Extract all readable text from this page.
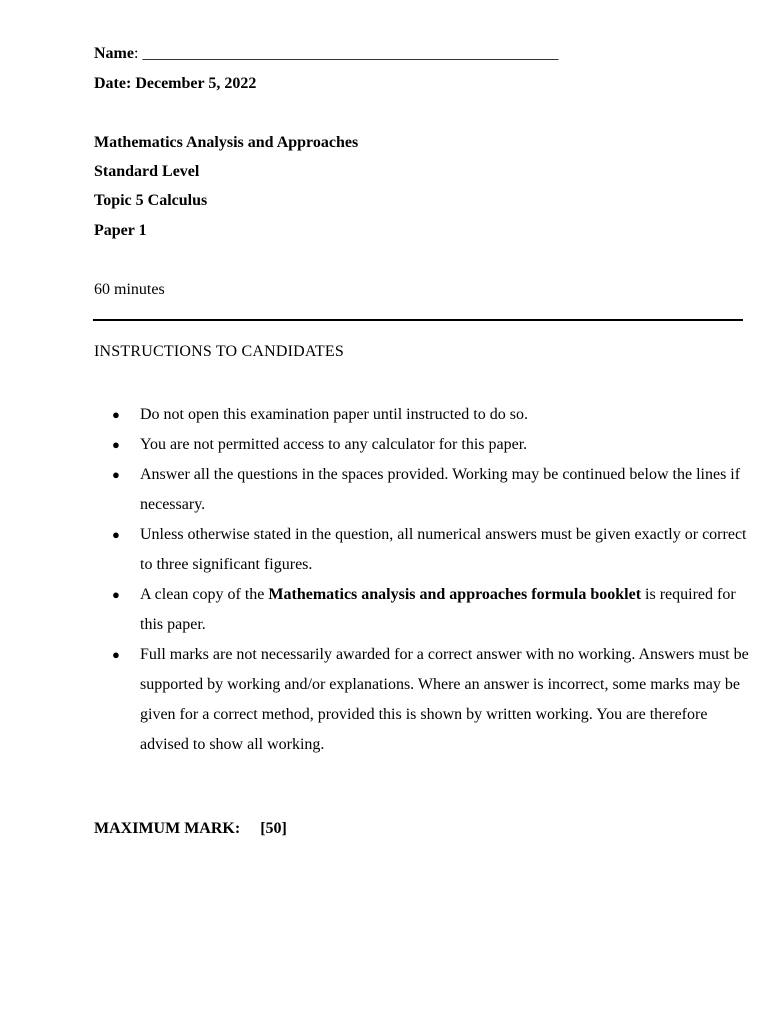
Name: ____________________________________________________
Date: December 5, 2022
Mathematics Analysis and Approaches
Standard Level
Topic 5 Calculus
Paper 1
60 minutes
INSTRUCTIONS TO CANDIDATES
● Do not open this examination paper until instructed to do so.
● You are not permitted access to any calculator for this paper.
● Answer all the questions in the spaces provided. Working may be continued below the lines if necessary.
● Unless otherwise stated in the question, all numerical answers must be given exactly or correct to three significant figures.
● A clean copy of the Mathematics analysis and approaches formula booklet is required for this paper.
● Full marks are not necessarily awarded for a correct answer with no working. Answers must be supported by working and/or explanations. Where an answer is incorrect, some marks may be given for a correct method, provided this is shown by written working. You are therefore advised to show all working.
MAXIMUM MARK: [50]
